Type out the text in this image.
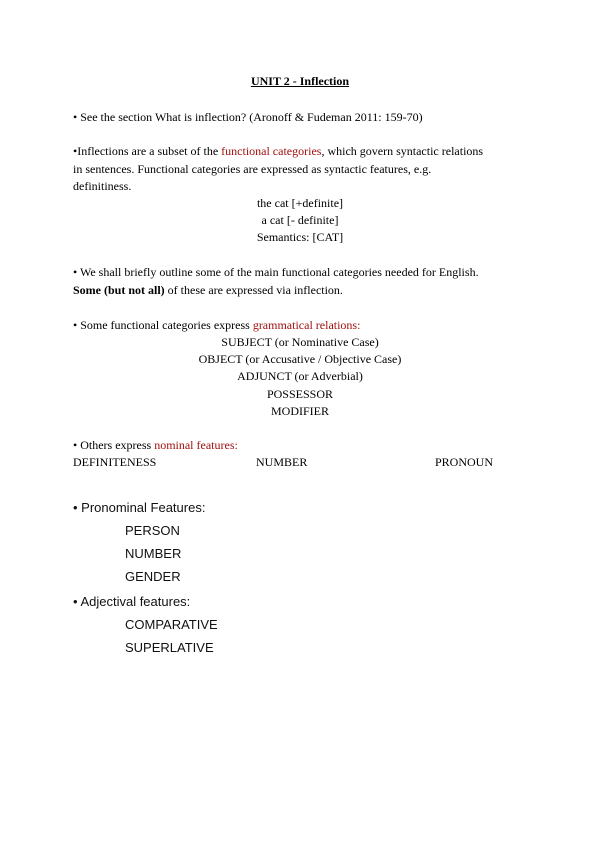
UNIT 2 - Inflection
• See the section What is inflection? (Aronoff & Fudeman 2011: 159-70)
•Inflections are a subset of the functional categories, which govern syntactic relations
in sentences. Functional categories are expressed as syntactic features, e.g.
definitiness.
the cat [+definite]
a cat [- definite]
Semantics: [CAT]
• We shall briefly outline some of the main functional categories needed for English.
Some (but not all) of these are expressed via inflection.
• Some functional categories express grammatical relations:
SUBJECT (or Nominative Case)
OBJECT (or Accusative / Objective Case)
ADJUNCT (or Adverbial)
POSSESSOR
MODIFIER
• Others express nominal features:
DEFINITENESS	NUMBER	PRONOUN
• Pronominal Features:
PERSON
NUMBER
GENDER
• Adjectival features:
COMPARATIVE
SUPERLATIVE
